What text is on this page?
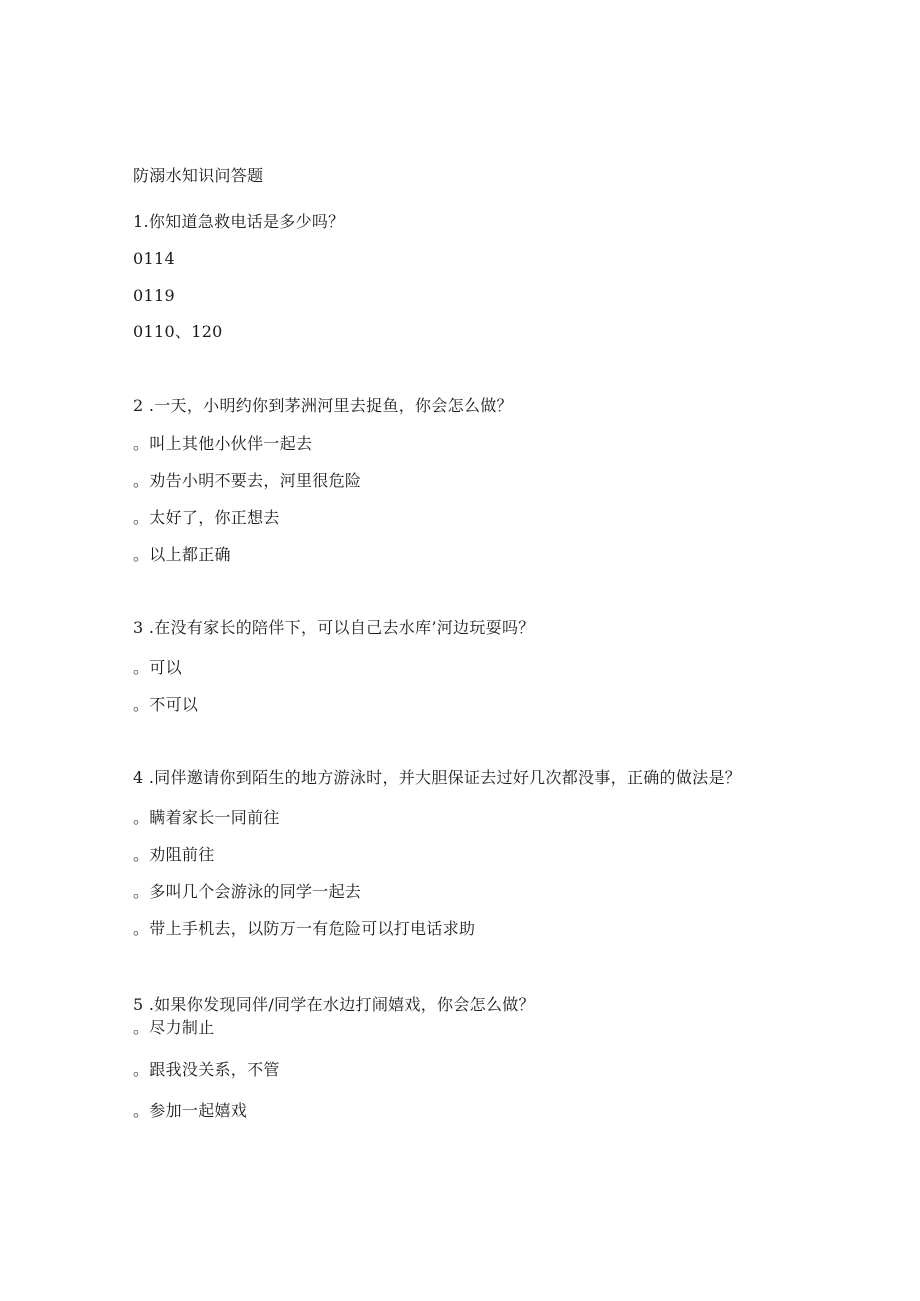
防溺水知识问答题
1.你知道急救电话是多少吗？
0114
0119
0110、120
2 .一天，小明约你到茅洲河里去捉鱼，你会怎么做？
。叫上其他小伙伴一起去
。劝告小明不要去，河里很危险
。太好了，你正想去
。以上都正确
3 .在没有家长的陪伴下，可以自己去水库’河边玩耍吗？
。可以
。不可以
4 .同伴邀请你到陌生的地方游泳时，并大胆保证去过好几次都没事，正确的做法是？
。瞒着家长一同前往
。劝阻前往
。多叫几个会游泳的同学一起去
。带上手机去，以防万一有危险可以打电话求助
5 .如果你发现同伴/同学在水边打闹嬉戏，你会怎么做？
。尽力制止
。跟我没关系，不管
。参加一起嬉戏
